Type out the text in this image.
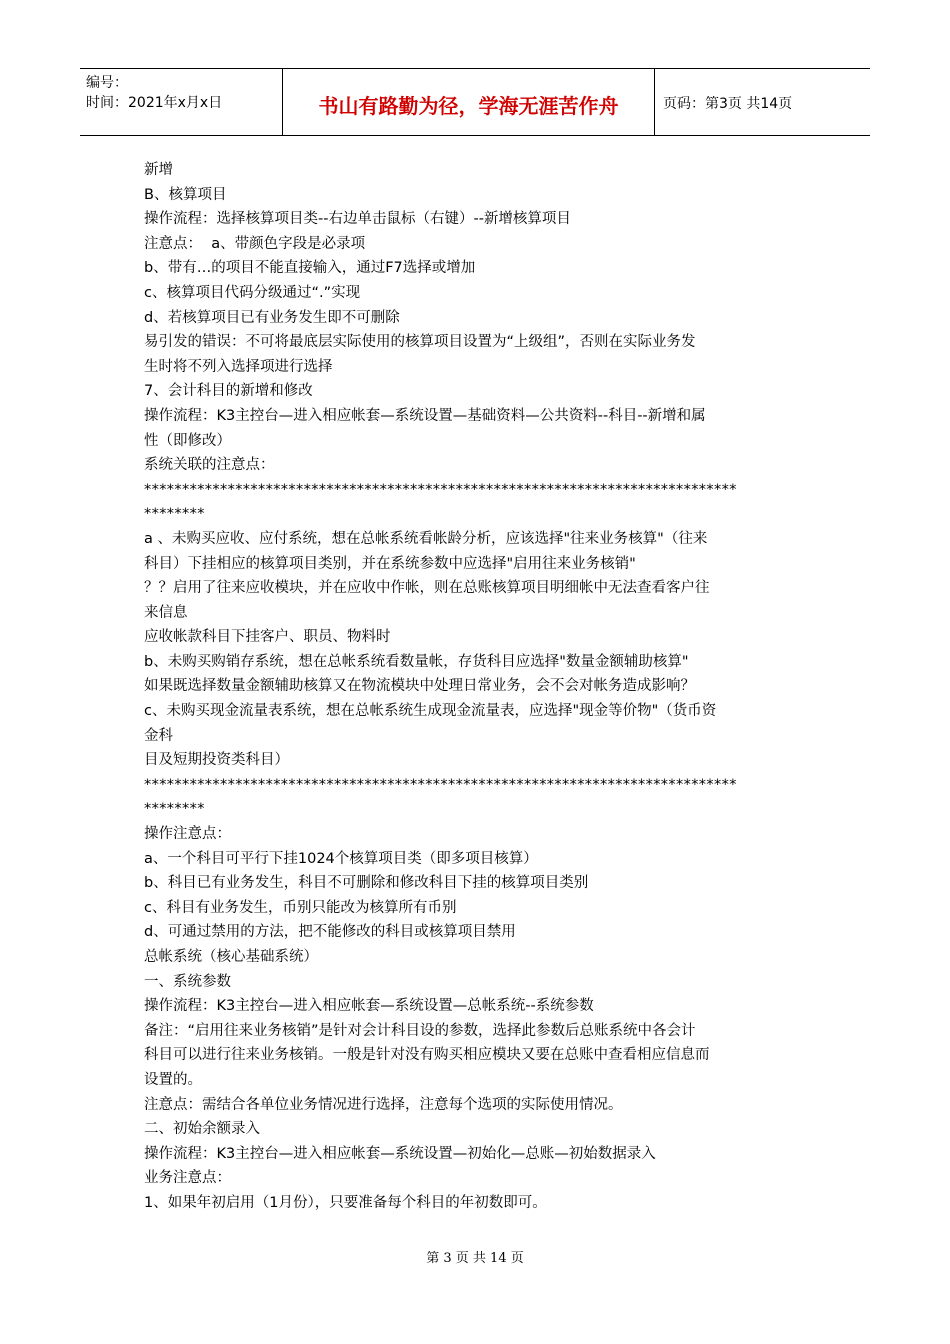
编号：
时间：2021年x月x日	书山有路勤为径，学海无涯苦作舟	页码：第3页 共14页

新增

B、核算项目

操作流程：选择核算项目类--右边单击鼠标（右键）--新增核算项目

注意点：  a、带颜色字段是必录项

b、带有…的项目不能直接输入，通过F7选择或增加

c、核算项目代码分级通过“.”实现

d、若核算项目已有业务发生即不可删除

易引发的错误：不可将最底层实际使用的核算项目设置为“上级组”，否则在实际业务发

生时将不列入选择项进行选择

7、会计科目的新增和修改

操作流程：K3主控台—进入相应帐套—系统设置—基础资料—公共资料--科目--新增和属

性（即修改）

系统关联的注意点：

******************************************************************************

********

a 、未购买应收、应付系统，想在总帐系统看帐龄分析，应该选择"往来业务核算"（往来

科目）下挂相应的核算项目类别，并在系统参数中应选择"启用往来业务核销"

？？启用了往来应收模块，并在应收中作帐，则在总账核算项目明细帐中无法查看客户往

来信息

应收帐款科目下挂客户、职员、物料时

b、未购买购销存系统，想在总帐系统看数量帐，存货科目应选择"数量金额辅助核算"

如果既选择数量金额辅助核算又在物流模块中处理日常业务，会不会对帐务造成影响？

c、未购买现金流量表系统，想在总帐系统生成现金流量表，应选择"现金等价物"（货币资

金科

目及短期投资类科目）

******************************************************************************

********

操作注意点：

a、一个科目可平行下挂1024个核算项目类（即多项目核算）

b、科目已有业务发生，科目不可删除和修改科目下挂的核算项目类别

c、科目有业务发生，币别只能改为核算所有币别

d、可通过禁用的方法，把不能修改的科目或核算项目禁用

总帐系统（核心基础系统）

一、系统参数

操作流程：K3主控台—进入相应帐套—系统设置—总帐系统--系统参数

备注：“启用往来业务核销”是针对会计科目设的参数，选择此参数后总账系统中各会计

科目可以进行往来业务核销。一般是针对没有购买相应模块又要在总账中查看相应信息而

设置的。

注意点：需结合各单位业务情况进行选择，注意每个选项的实际使用情况。

二、初始余额录入

操作流程：K3主控台—进入相应帐套—系统设置—初始化—总账—初始数据录入

业务注意点：

1、如果年初启用（1月份），只要准备每个科目的年初数即可。

第 3 页 共 14 页
